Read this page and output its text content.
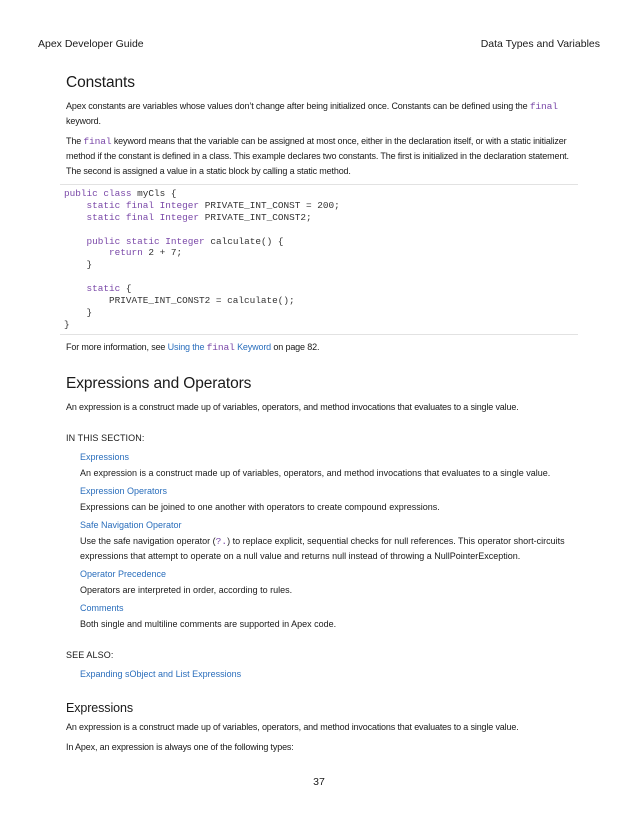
Apex Developer Guide	Data Types and Variables
Constants

Apex constants are variables whose values don’t change after being initialized once. Constants can be defined using the final keyword.

The final keyword means that the variable can be assigned at most once, either in the declaration itself, or with a static initializer method if the constant is defined in a class. This example declares two constants. The first is initialized in the declaration statement. The second is assigned a value in a static block by calling a static method.

public class myCls {
static final Integer PRIVATE_INT_CONST = 200;
static final Integer PRIVATE_INT_CONST2;
public static Integer calculate() {
return 2 + 7;
}
static {
PRIVATE_INT_CONST2 = calculate();
}
}

For more information, see Using the final Keyword on page 82.

Expressions and Operators

An expression is a construct made up of variables, operators, and method invocations that evaluates to a single value.

IN THIS SECTION:

Expressions
An expression is a construct made up of variables, operators, and method invocations that evaluates to a single value.
Expression Operators
Expressions can be joined to one another with operators to create compound expressions.
Safe Navigation Operator
Use the safe navigation operator (?.) to replace explicit, sequential checks for null references. This operator short-circuits expressions that attempt to operate on a null value and returns null instead of throwing a NullPointerException.
Operator Precedence
Operators are interpreted in order, according to rules.
Comments
Both single and multiline comments are supported in Apex code.

SEE ALSO:

Expanding sObject and List Expressions
Expressions

An expression is a construct made up of variables, operators, and method invocations that evaluates to a single value.

In Apex, an expression is always one of the following types:

37
